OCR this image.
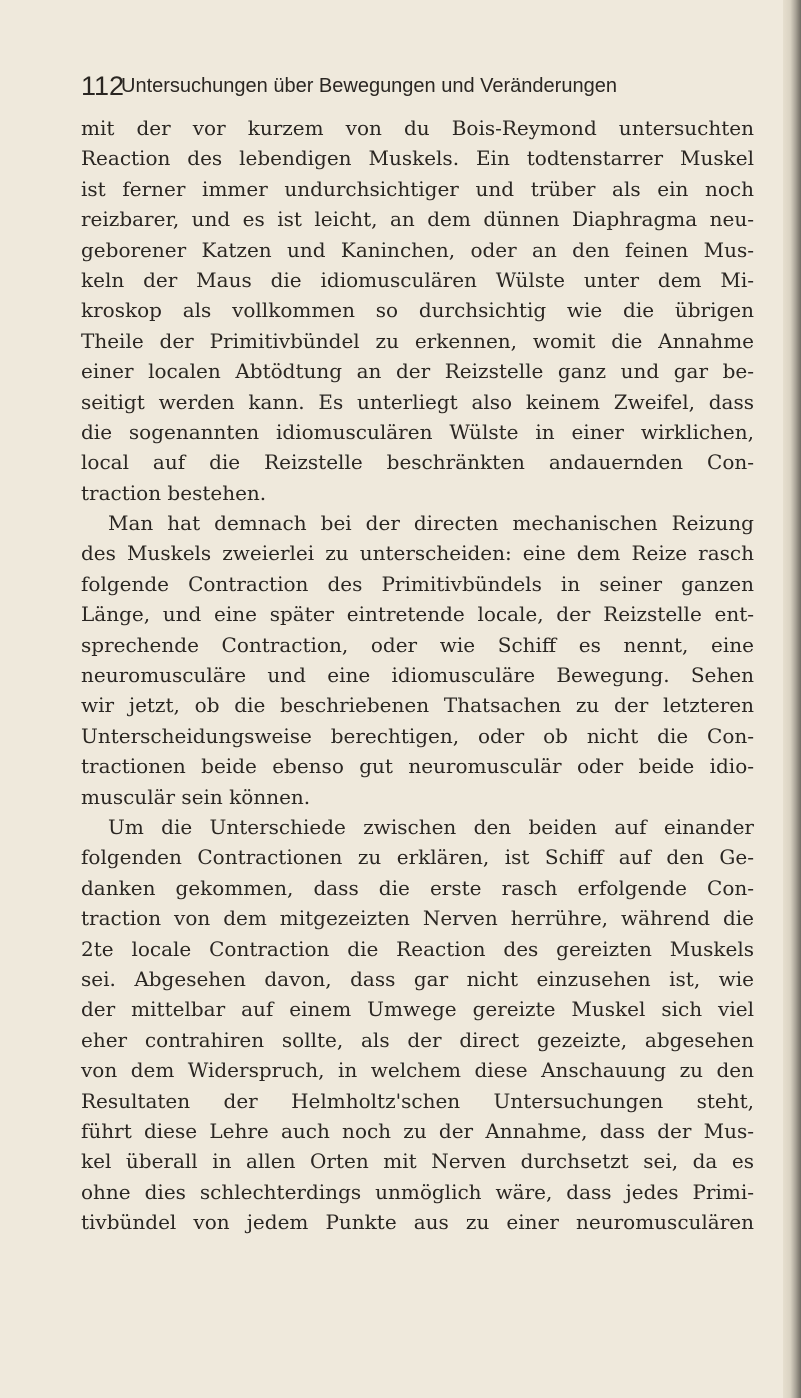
112
Untersuchungen über Bewegungen und Veränderungen
mit der vor kurzem von du Bois-Reymond untersuchten
Reaction des lebendigen Muskels. Ein todtenstarrer Muskel
ist ferner immer undurchsichtiger und trüber als ein noch
reizbarer, und es ist leicht, an dem dünnen Diaphragma neu-
geborener Katzen und Kaninchen, oder an den feinen Mus-
keln der Maus die idiomusculären Wülste unter dem Mi-
kroskop als vollkommen so durchsichtig wie die übrigen
Theile der Primitivbündel zu erkennen, womit die Annahme
einer localen Abtödtung an der Reizstelle ganz und gar be-
seitigt werden kann. Es unterliegt also keinem Zweifel, dass
die sogenannten idiomusculären Wülste in einer wirklichen,
local auf die Reizstelle beschränkten andauernden Con-
traction bestehen.
Man hat demnach bei der directen mechanischen Reizung
des Muskels zweierlei zu unterscheiden: eine dem Reize rasch
folgende Contraction des Primitivbündels in seiner ganzen
Länge, und eine später eintretende locale, der Reizstelle ent-
sprechende Contraction, oder wie Schiff es nennt, eine
neuromusculäre und eine idiomusculäre Bewegung. Sehen
wir jetzt, ob die beschriebenen Thatsachen zu der letzteren
Unterscheidungsweise berechtigen, oder ob nicht die Con-
tractionen beide ebenso gut neuromusculär oder beide idio-
musculär sein können.
Um die Unterschiede zwischen den beiden auf einander
folgenden Contractionen zu erklären, ist Schiff auf den Ge-
danken gekommen, dass die erste rasch erfolgende Con-
traction von dem mitgezeizten Nerven herrühre, während die
2te locale Contraction die Reaction des gereizten Muskels
sei. Abgesehen davon, dass gar nicht einzusehen ist, wie
der mittelbar auf einem Umwege gereizte Muskel sich viel
eher contrahiren sollte, als der direct gezeizte, abgesehen
von dem Widerspruch, in welchem diese Anschauung zu den
Resultaten der Helmholtz'schen Untersuchungen steht,
führt diese Lehre auch noch zu der Annahme, dass der Mus-
kel überall in allen Orten mit Nerven durchsetzt sei, da es
ohne dies schlechterdings unmöglich wäre, dass jedes Primi-
tivbündel von jedem Punkte aus zu einer neuromusculären
